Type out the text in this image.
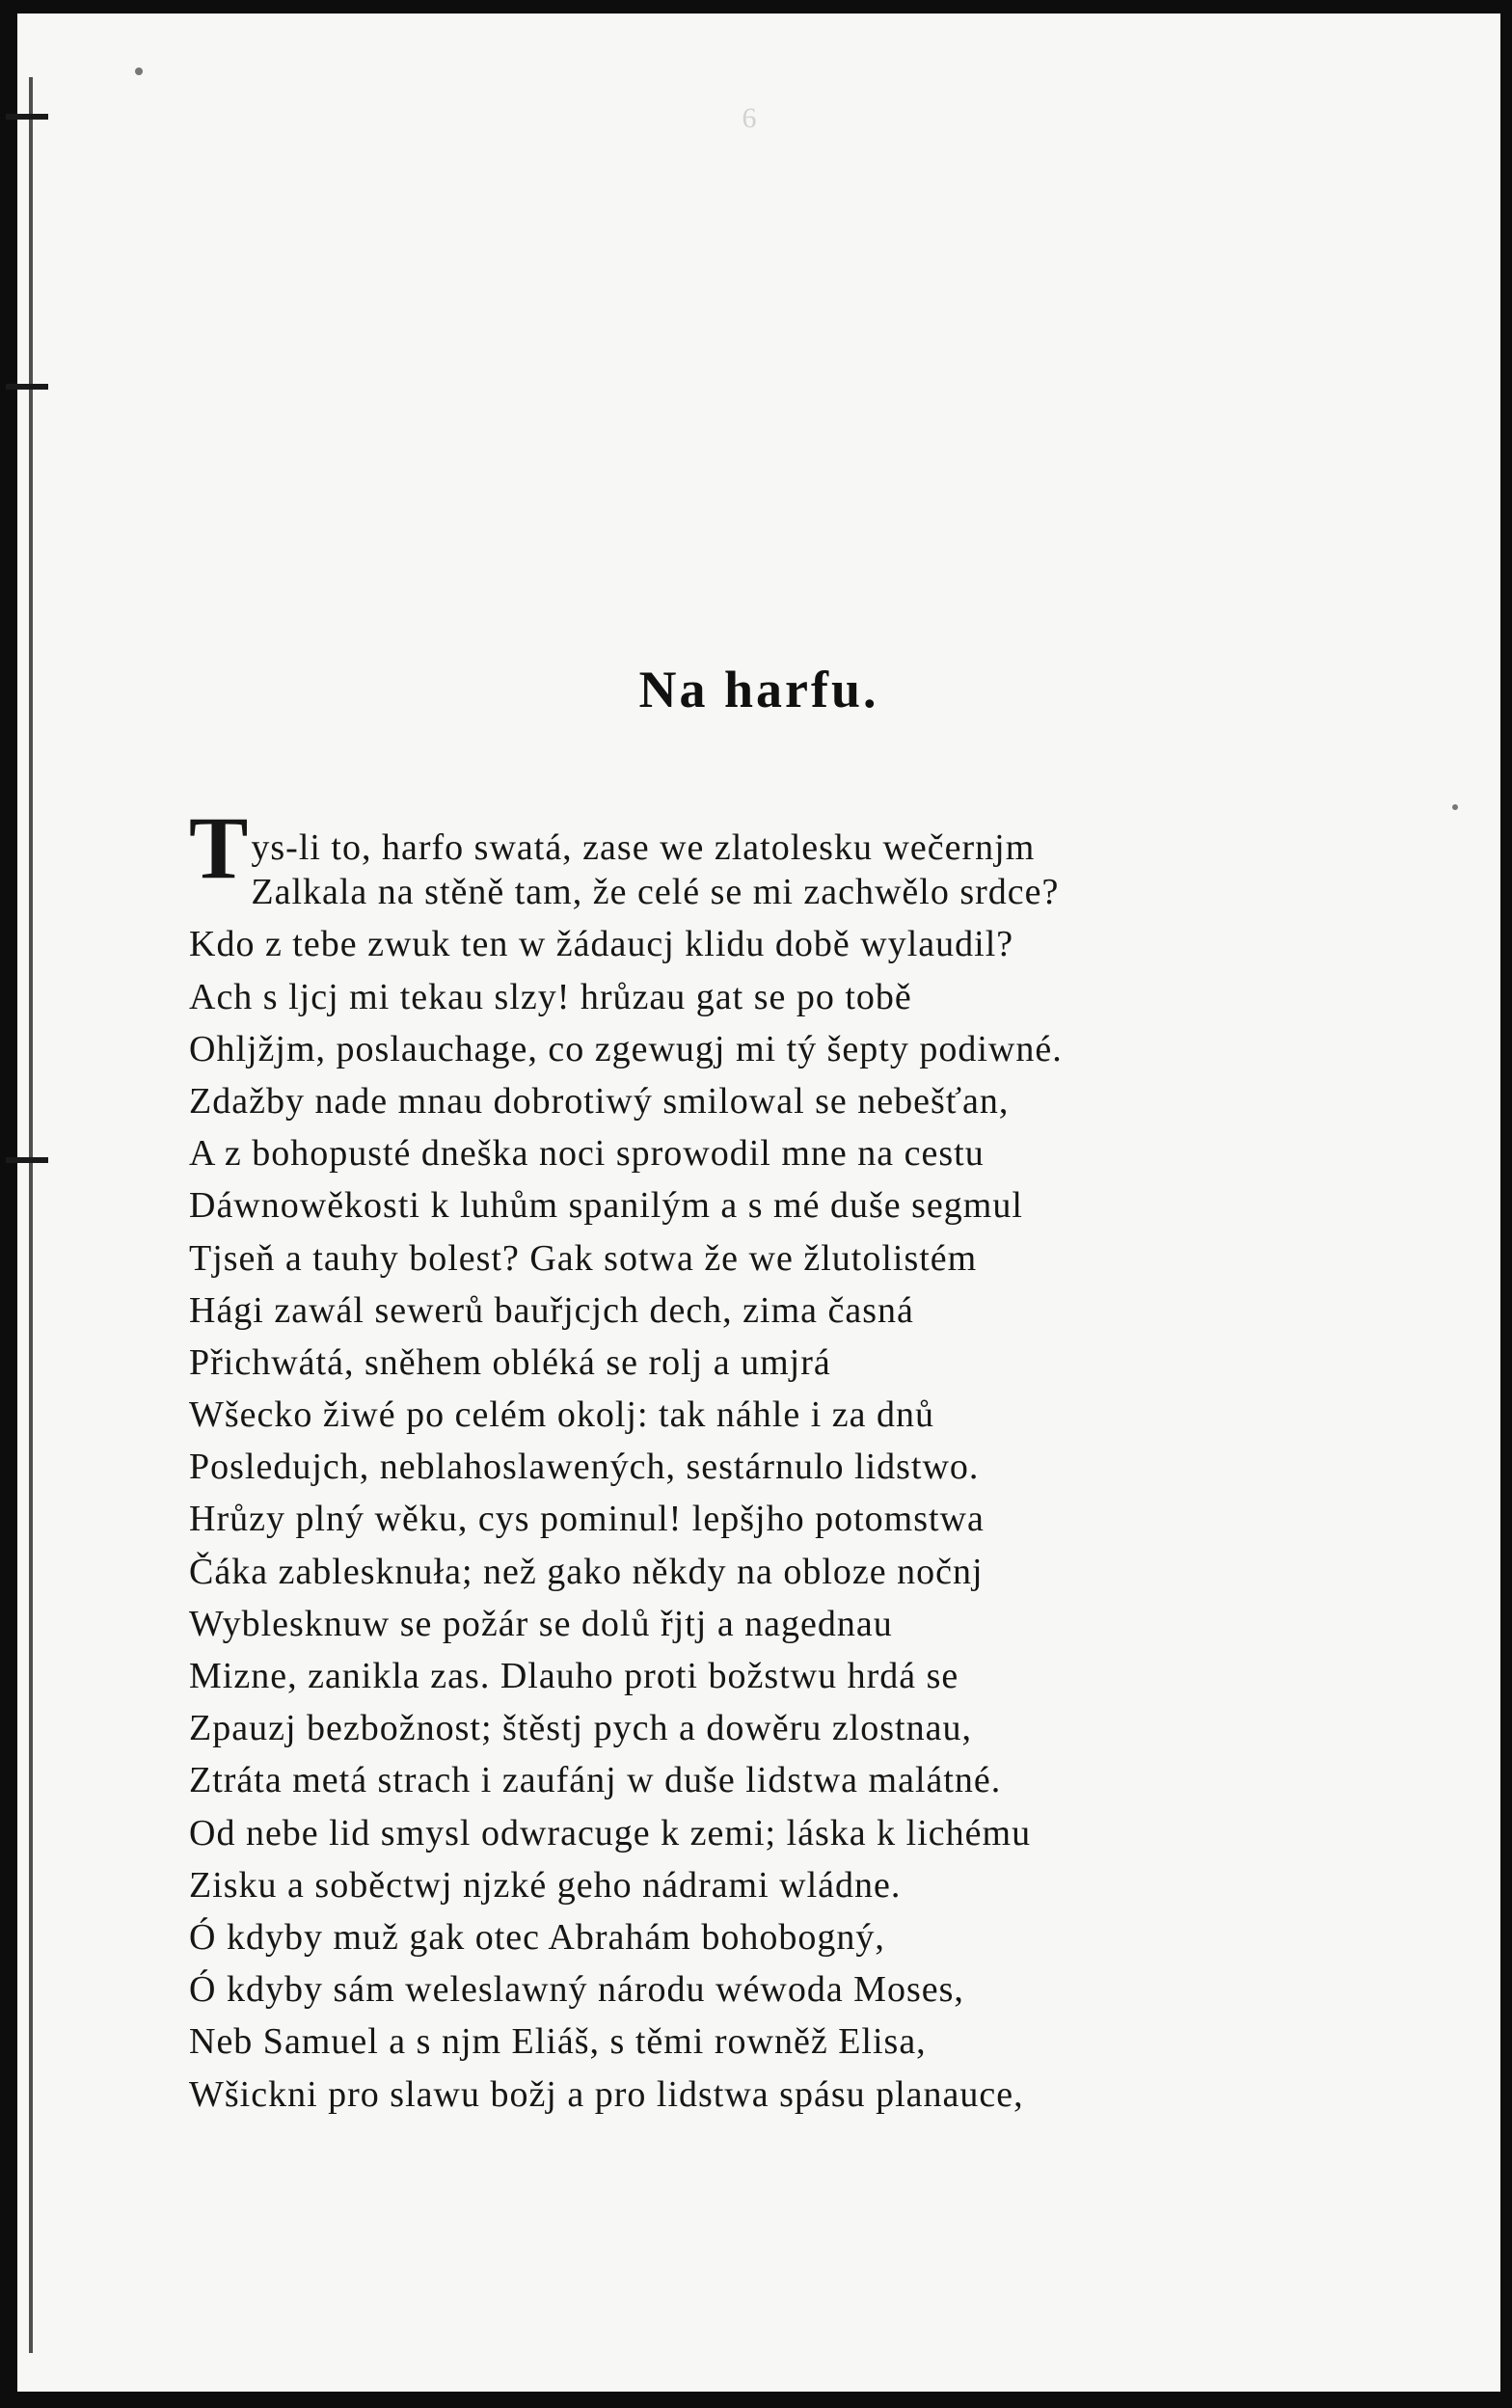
6
Na harfu.
T ys-li to, harfo swatá, zase we zlatolesku wečernjm
Zalkala na stěně tam, že celé se mi zachwělo srdce?
Kdo z tebe zwuk ten w žádaucj klidu době wylaudil?
Ach s ljcj mi tekau slzy! hrůzau gat se po tobě
Ohljžjm, poslauchage, co zgewugj mi tý šepty podiwné.
Zdažby nade mnau dobrotiwý smilowal se nebešťan,
A z bohopusté dneška noci sprowodil mne na cestu
Dáwnowěkosti k luhům spanilým a s mé duše segmul
Tjseň a tauhy bolest? Gak sotwa že we žlutolistém
Hági zawál sewerů bauřjcjch dech, zima časná
Přichwátá, sněhem obléká se rolj a umjrá
Wšecko žiwé po celém okolj: tak náhle i za dnů
Posledujch, neblahoslawených, sestárnulo lidstwo.
Hrůzy plný wěku, cys pominul! lepšjho potomstwa
Čáka zablesknuła; než gako někdy na obloze nočnj
Wyblesknuw se požár se dolů řjtj a nagednau
Mizne, zanikla zas. Dlauho proti božstwu hrdá se
Zpauzj bezbožnost; štěstj pych a dowěru zlostnau,
Ztráta metá strach i zaufánj w duše lidstwa malátné.
Od nebe lid smysl odwracuge k zemi; láska k lichému
Zisku a soběctwj njzké geho nádrami wládne.
Ó kdyby muž gak otec Abrahám bohobogný,
Ó kdyby sám weleslawný národu wéwoda Moses,
Neb Samuel a s njm Eliáš, s těmi rowněž Elisa,
Wšickni pro slawu božj a pro lidstwa spásu planauce,
